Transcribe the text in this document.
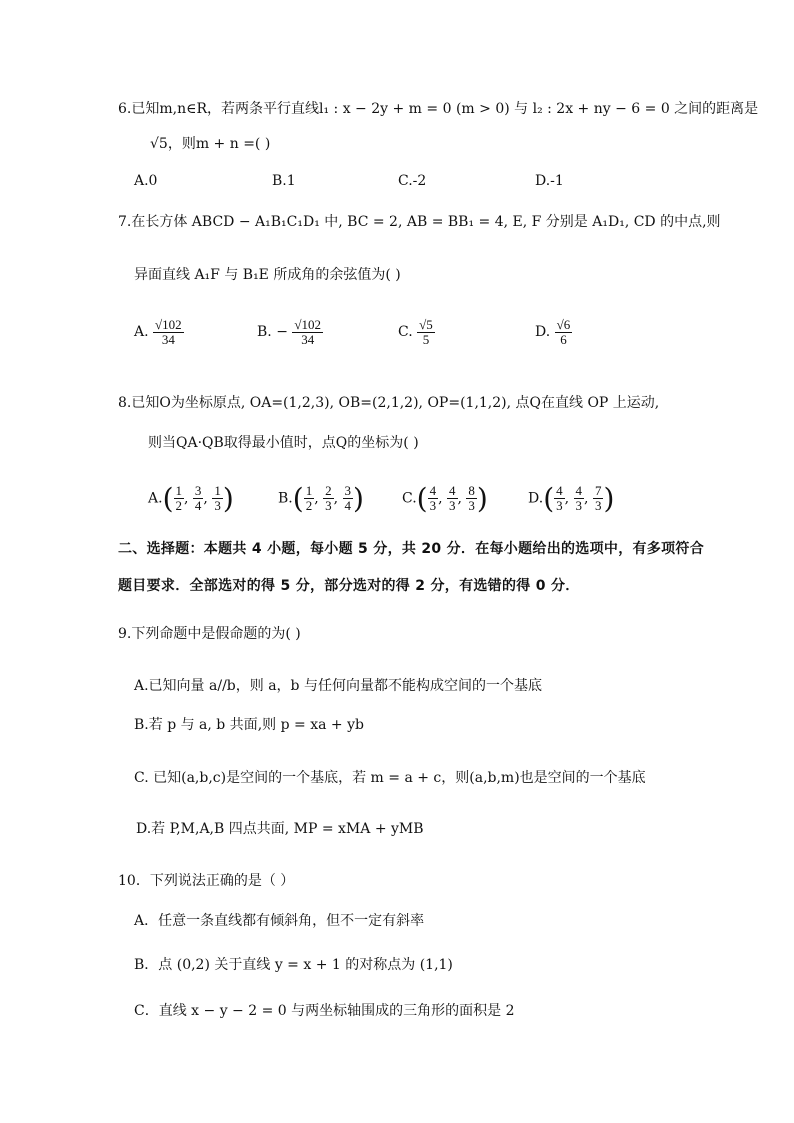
6.已知m,n∈R，若两条平行直线l₁ : x − 2y + m = 0 (m > 0) 与 l₂ : 2x + ny − 6 = 0 之间的距离是
√5，则m + n =( )
A.0	B.1	C.-2	D.-1
7.在长方体 ABCD − A₁B₁C₁D₁ 中, BC = 2, AB = BB₁ = 4, E, F 分别是 A₁D₁, CD 的中点,则
异面直线 A₁F 与 B₁E 所成角的余弦值为( )
A. $\frac{√102}{34}$	B. − $\frac{√102}{34}$	C. $\frac{√5}{5}$	D. $\frac{√6}{6}$
8.已知O为坐标原点, OA=(1,2,3), OB=(2,1,2), OP=(1,1,2), 点Q在直线 OP 上运动,
则当QA·QB取得最小值时，点Q的坐标为( )
$A.( \frac{1}{2}$ , $\frac{3}{4}$ , $\frac{1}{3}$ )	$B.( \frac{1}{2}$ , $\frac{2}{3}$ , $\frac{3}{4}$ )	$C.( \frac{4}{3}$ , $\frac{4}{3}$ , $\frac{8}{3}$ )	$D.( \frac{4}{3}$ , $\frac{4}{3}$ , $\frac{7}{3}$ )
二、选择题：本题共 4 小题，每小题 5 分，共 20 分．在每小题给出的选项中，有多项符合
题目要求．全部选对的得 5 分，部分选对的得 2 分，有选错的得 0 分．
9.下列命题中是假命题的为( )
A.已知向量 a//b，则 a，b 与任何向量都不能构成空间的一个基底
B.若 p 与 a, b 共面,则 p = xa + yb
C. 已知(a,b,c)是空间的一个基底，若 m = a + c，则(a,b,m)也是空间的一个基底
D.若 P,M,A,B 四点共面, MP = xMA + yMB
10．下列说法正确的是（ ）
A．任意一条直线都有倾斜角，但不一定有斜率
B．点 (0,2) 关于直线 y = x + 1 的对称点为 (1,1)
C．直线 x − y − 2 = 0 与两坐标轴围成的三角形的面积是 2
